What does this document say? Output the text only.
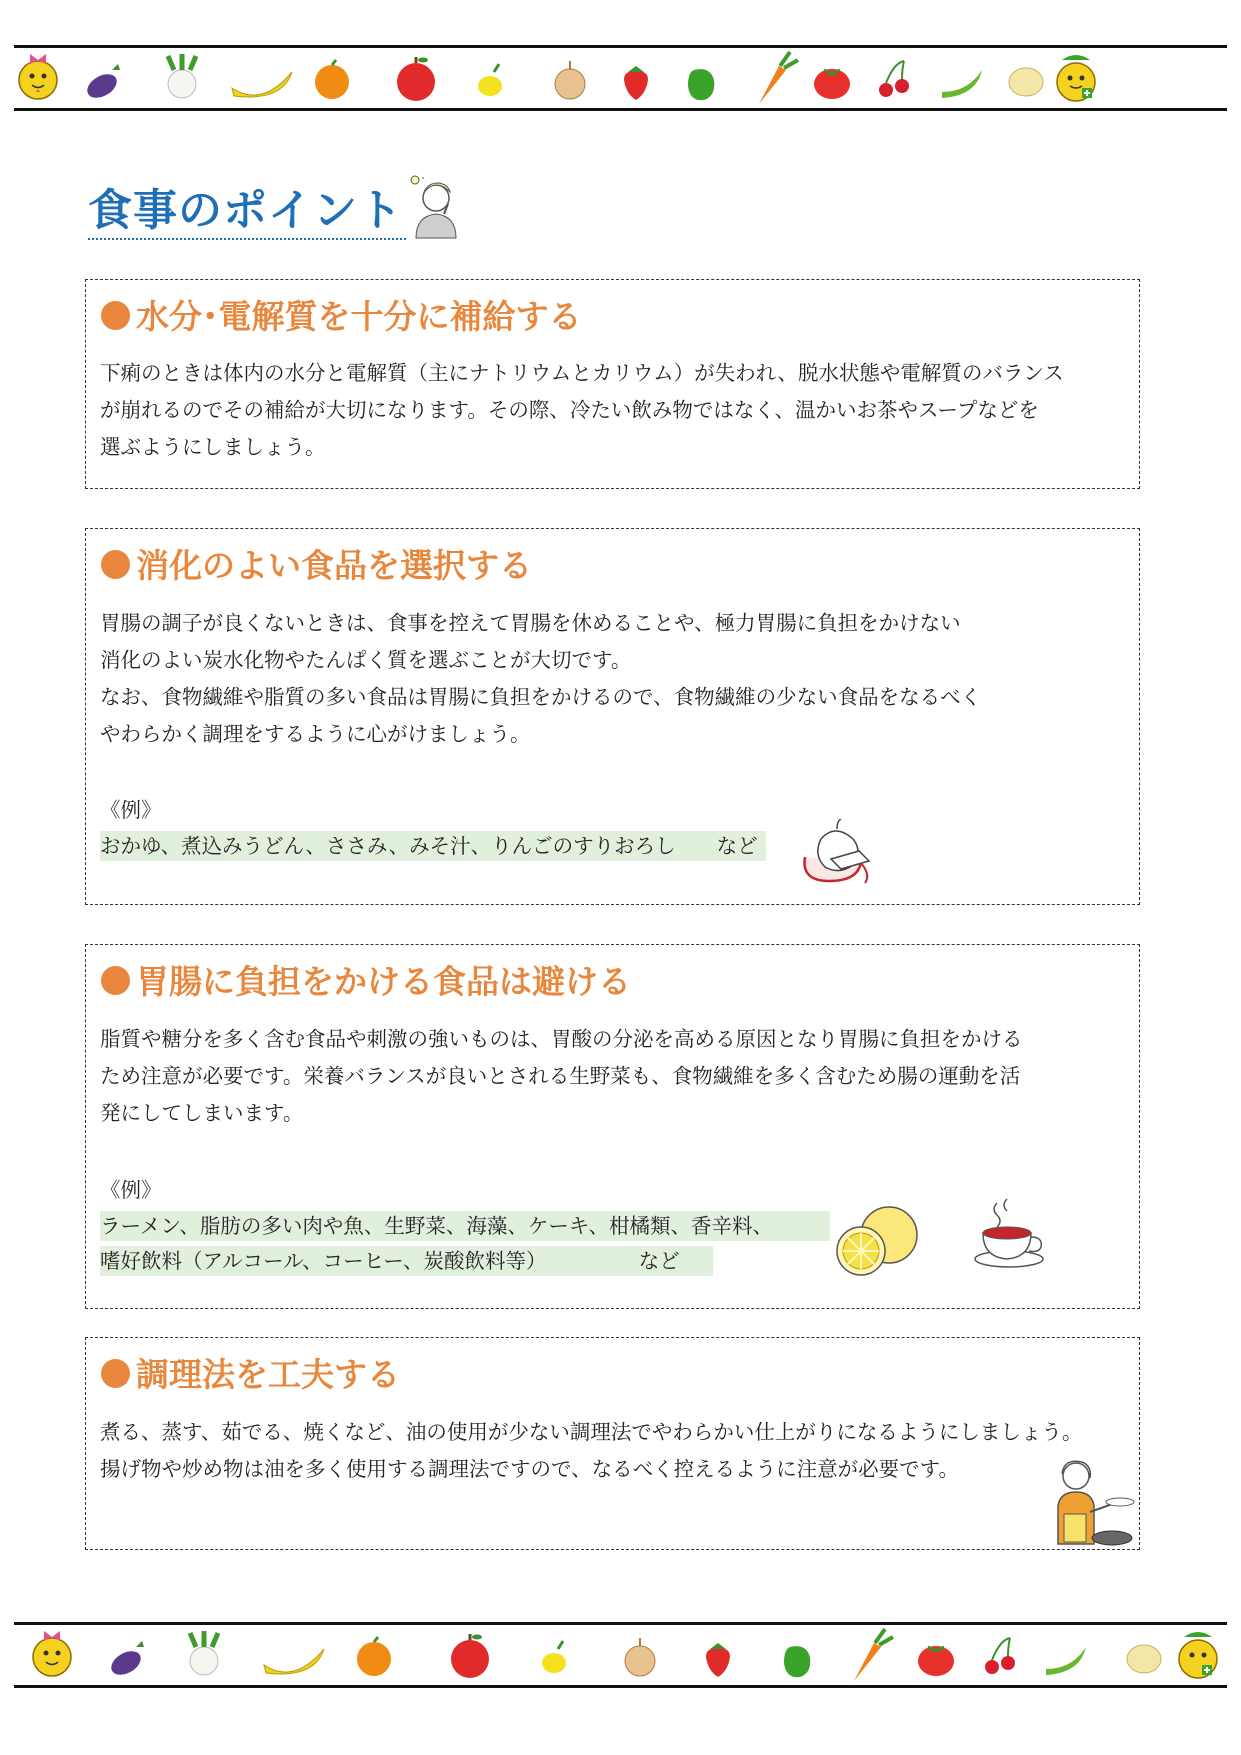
食事のポイント
水分･電解質を十分に補給する
下痢のときは体内の水分と電解質（主にナトリウムとカリウム）が失われ、脱水状態や電解質のバランス
が崩れるのでその補給が大切になります。その際、冷たい飲み物ではなく、温かいお茶やスープなどを
選ぶようにしましょう。
消化のよい食品を選択する
胃腸の調子が良くないときは、食事を控えて胃腸を休めることや、極力胃腸に負担をかけない
消化のよい炭水化物やたんぱく質を選ぶことが大切です。
なお、食物繊維や脂質の多い食品は胃腸に負担をかけるので、食物繊維の少ない食品をなるべく
やわらかく調理をするように心がけましょう。
《例》
おかゆ、煮込みうどん、ささみ、みそ汁、りんごのすりおろし　　など
胃腸に負担をかける食品は避ける
脂質や糖分を多く含む食品や刺激の強いものは、胃酸の分泌を高める原因となり胃腸に負担をかける
ため注意が必要です。栄養バランスが良いとされる生野菜も、食物繊維を多く含むため腸の運動を活
発にしてしまいます。
《例》
ラーメン、脂肪の多い肉や魚、生野菜、海藻、ケーキ、柑橘類、香辛料、
嗜好飲料（アルコール、コーヒー、炭酸飲料等）　　　　　など
調理法を工夫する
煮る、蒸す、茹でる、焼くなど、油の使用が少ない調理法でやわらかい仕上がりになるようにしましょう。
揚げ物や炒め物は油を多く使用する調理法ですので、なるべく控えるように注意が必要です。
